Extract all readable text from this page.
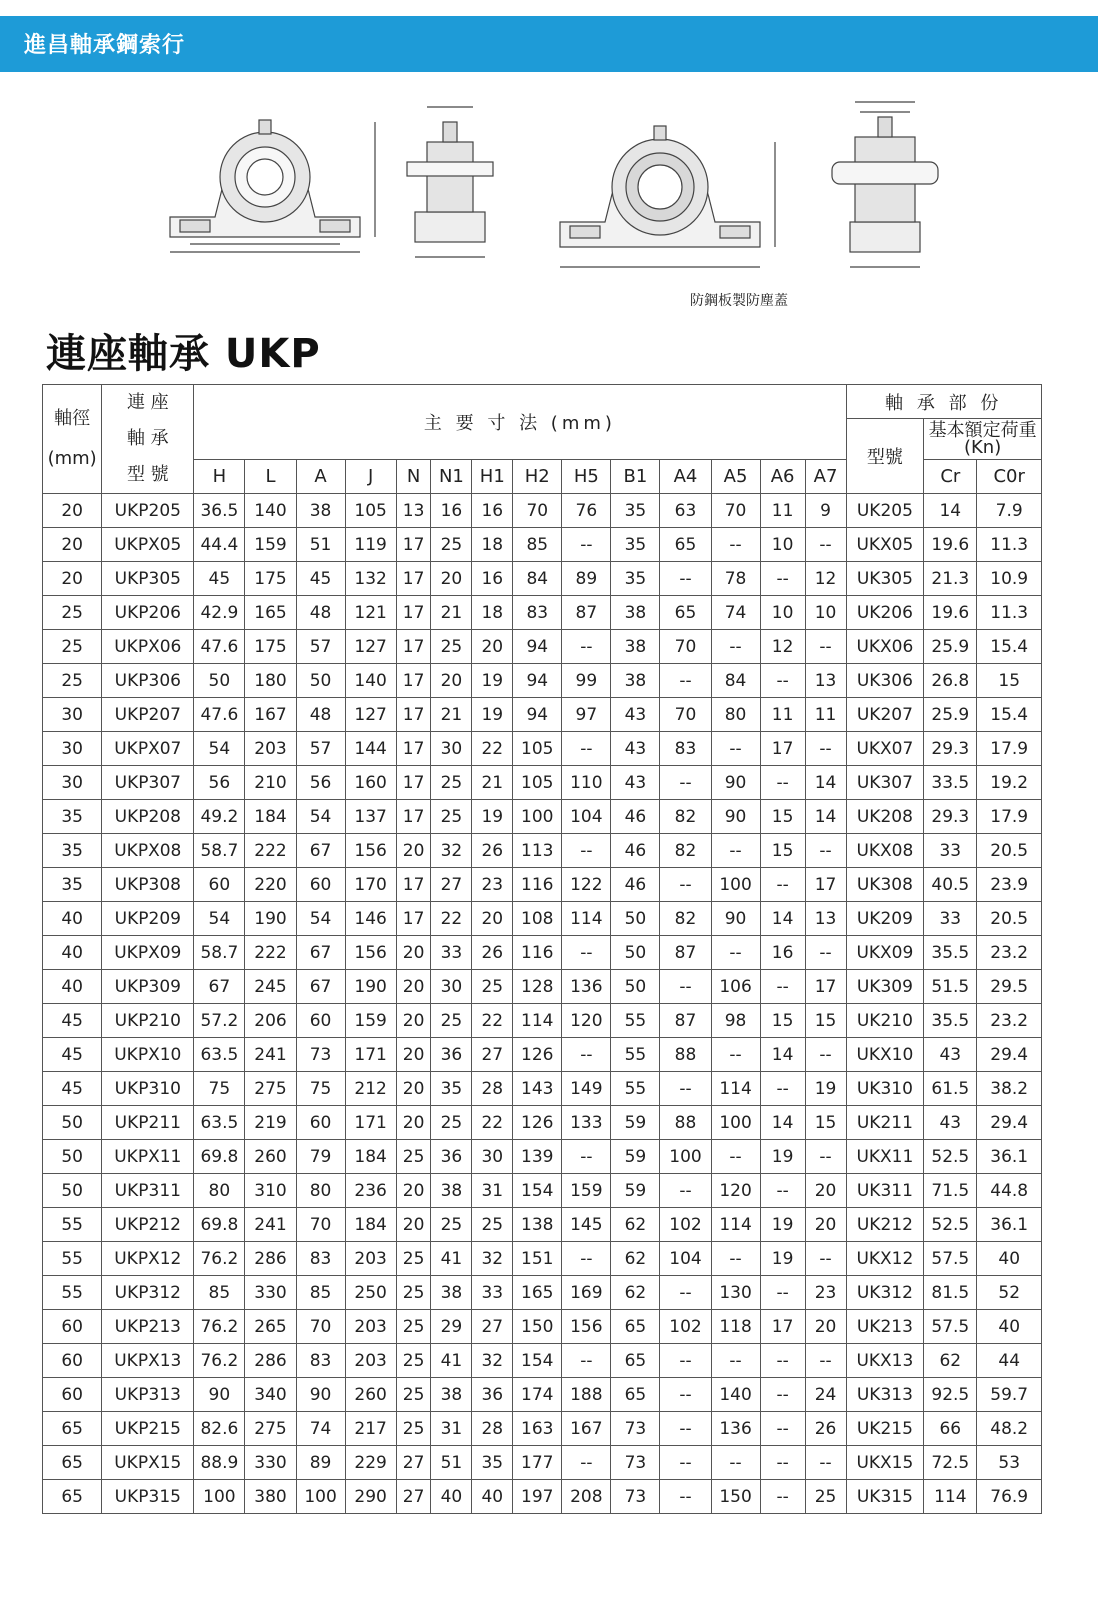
進昌軸承鋼索行
防鋼板製防塵蓋
連座軸承 UKP
軸徑
(mm)	連 座
軸 承
型 號	主 要 寸 法 (mm)														軸 承 部 份		
																型號	基本額定荷重
(Kn)	
		H	L	A	J	N	N1	H1	H2	H5	B1	A4	A5	A6	A7		Cr	C0r
20	UKP205	36.5	140	38	105	13	16	16	70	76	35	63	70	11	9	UK205	14	7.9
20	UKPX05	44.4	159	51	119	17	25	18	85	--	35	65	--	10	--	UKX05	19.6	11.3
20	UKP305	45	175	45	132	17	20	16	84	89	35	--	78	--	12	UK305	21.3	10.9
25	UKP206	42.9	165	48	121	17	21	18	83	87	38	65	74	10	10	UK206	19.6	11.3
25	UKPX06	47.6	175	57	127	17	25	20	94	--	38	70	--	12	--	UKX06	25.9	15.4
25	UKP306	50	180	50	140	17	20	19	94	99	38	--	84	--	13	UK306	26.8	15
30	UKP207	47.6	167	48	127	17	21	19	94	97	43	70	80	11	11	UK207	25.9	15.4
30	UKPX07	54	203	57	144	17	30	22	105	--	43	83	--	17	--	UKX07	29.3	17.9
30	UKP307	56	210	56	160	17	25	21	105	110	43	--	90	--	14	UK307	33.5	19.2
35	UKP208	49.2	184	54	137	17	25	19	100	104	46	82	90	15	14	UK208	29.3	17.9
35	UKPX08	58.7	222	67	156	20	32	26	113	--	46	82	--	15	--	UKX08	33	20.5
35	UKP308	60	220	60	170	17	27	23	116	122	46	--	100	--	17	UK308	40.5	23.9
40	UKP209	54	190	54	146	17	22	20	108	114	50	82	90	14	13	UK209	33	20.5
40	UKPX09	58.7	222	67	156	20	33	26	116	--	50	87	--	16	--	UKX09	35.5	23.2
40	UKP309	67	245	67	190	20	30	25	128	136	50	--	106	--	17	UK309	51.5	29.5
45	UKP210	57.2	206	60	159	20	25	22	114	120	55	87	98	15	15	UK210	35.5	23.2
45	UKPX10	63.5	241	73	171	20	36	27	126	--	55	88	--	14	--	UKX10	43	29.4
45	UKP310	75	275	75	212	20	35	28	143	149	55	--	114	--	19	UK310	61.5	38.2
50	UKP211	63.5	219	60	171	20	25	22	126	133	59	88	100	14	15	UK211	43	29.4
50	UKPX11	69.8	260	79	184	25	36	30	139	--	59	100	--	19	--	UKX11	52.5	36.1
50	UKP311	80	310	80	236	20	38	31	154	159	59	--	120	--	20	UK311	71.5	44.8
55	UKP212	69.8	241	70	184	20	25	25	138	145	62	102	114	19	20	UK212	52.5	36.1
55	UKPX12	76.2	286	83	203	25	41	32	151	--	62	104	--	19	--	UKX12	57.5	40
55	UKP312	85	330	85	250	25	38	33	165	169	62	--	130	--	23	UK312	81.5	52
60	UKP213	76.2	265	70	203	25	29	27	150	156	65	102	118	17	20	UK213	57.5	40
60	UKPX13	76.2	286	83	203	25	41	32	154	--	65	--	--	--	--	UKX13	62	44
60	UKP313	90	340	90	260	25	38	36	174	188	65	--	140	--	24	UK313	92.5	59.7
65	UKP215	82.6	275	74	217	25	31	28	163	167	73	--	136	--	26	UK215	66	48.2
65	UKPX15	88.9	330	89	229	27	51	35	177	--	73	--	--	--	--	UKX15	72.5	53
65	UKP315	100	380	100	290	27	40	40	197	208	73	--	150	--	25	UK315	114	76.9
